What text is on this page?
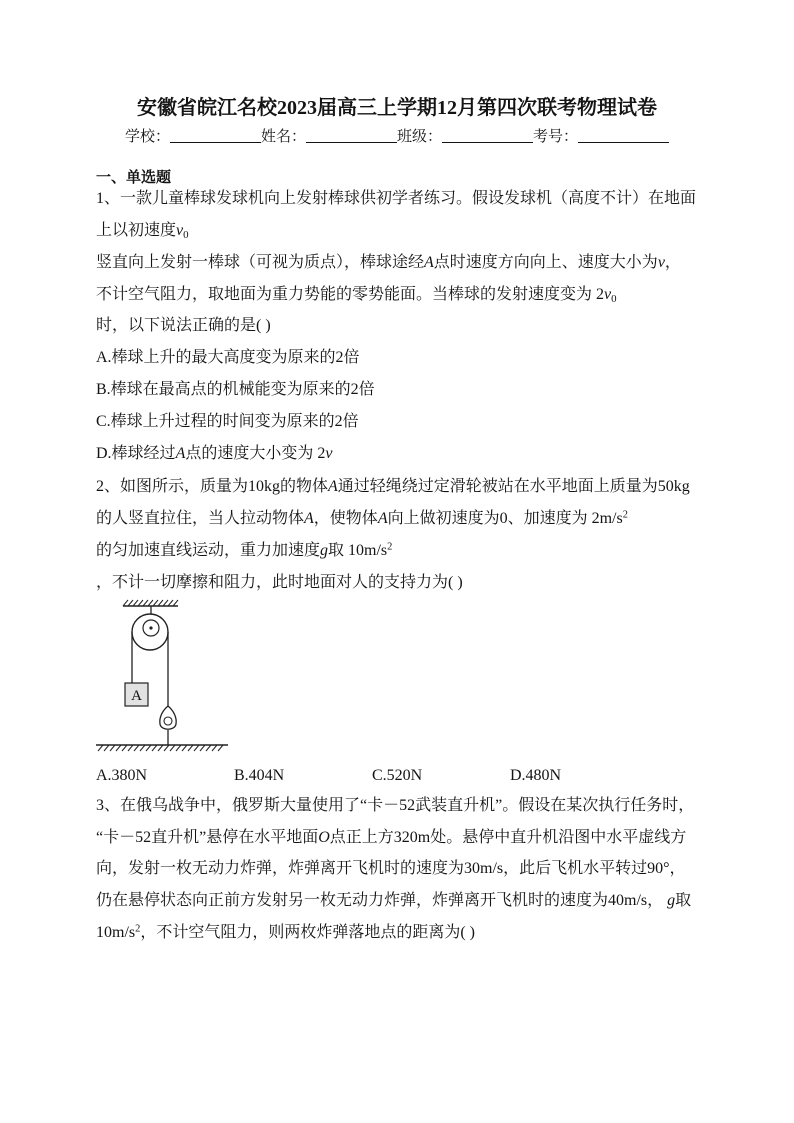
安徽省皖江名校2023届高三上学期12月第四次联考物理试卷
学校：	姓名：	班级：	考号：
一、单选题
1、一款儿童棒球发球机向上发射棒球供初学者练习。假设发球机（高度不计）在地面
上以初速度$v_0$
竖直向上发射一棒球（可视为质点），棒球途经A点时速度方向向上、速度大小为v，
不计空气阻力，取地面为重力势能的零势能面。当棒球的发射速度变为 $2v_0$
时，以下说法正确的是( )
A.棒球上升的最大高度变为原来的2倍
B.棒球在最高点的机械能变为原来的2倍
C.棒球上升过程的时间变为原来的2倍
D.棒球经过A点的速度大小变为 2v
2、如图所示，质量为10kg的物体A通过轻绳绕过定滑轮被站在水平地面上质量为50kg
的人竖直拉住，当人拉动物体A，使物体A向上做初速度为0、加速度为 $2m/s^2$
的匀加速直线运动，重力加速度g取 $10m/s^2$
，不计一切摩擦和阻力，此时地面对人的支持力为( )
A
A.380N	B.404N	C.520N	D.480N
3、在俄乌战争中，俄罗斯大量使用了“卡－52武装直升机”。假设在某次执行任务时，
“卡－52直升机”悬停在水平地面O点正上方320m处。悬停中直升机沿图中水平虚线方
向，发射一枚无动力炸弹，炸弹离开飞机时的速度为30m/s，此后飞机水平转过90°，
仍在悬停状态向正前方发射另一枚无动力炸弹，炸弹离开飞机时的速度为40m/s， g取
$10m/s^2$，不计空气阻力，则两枚炸弹落地点的距离为( )
